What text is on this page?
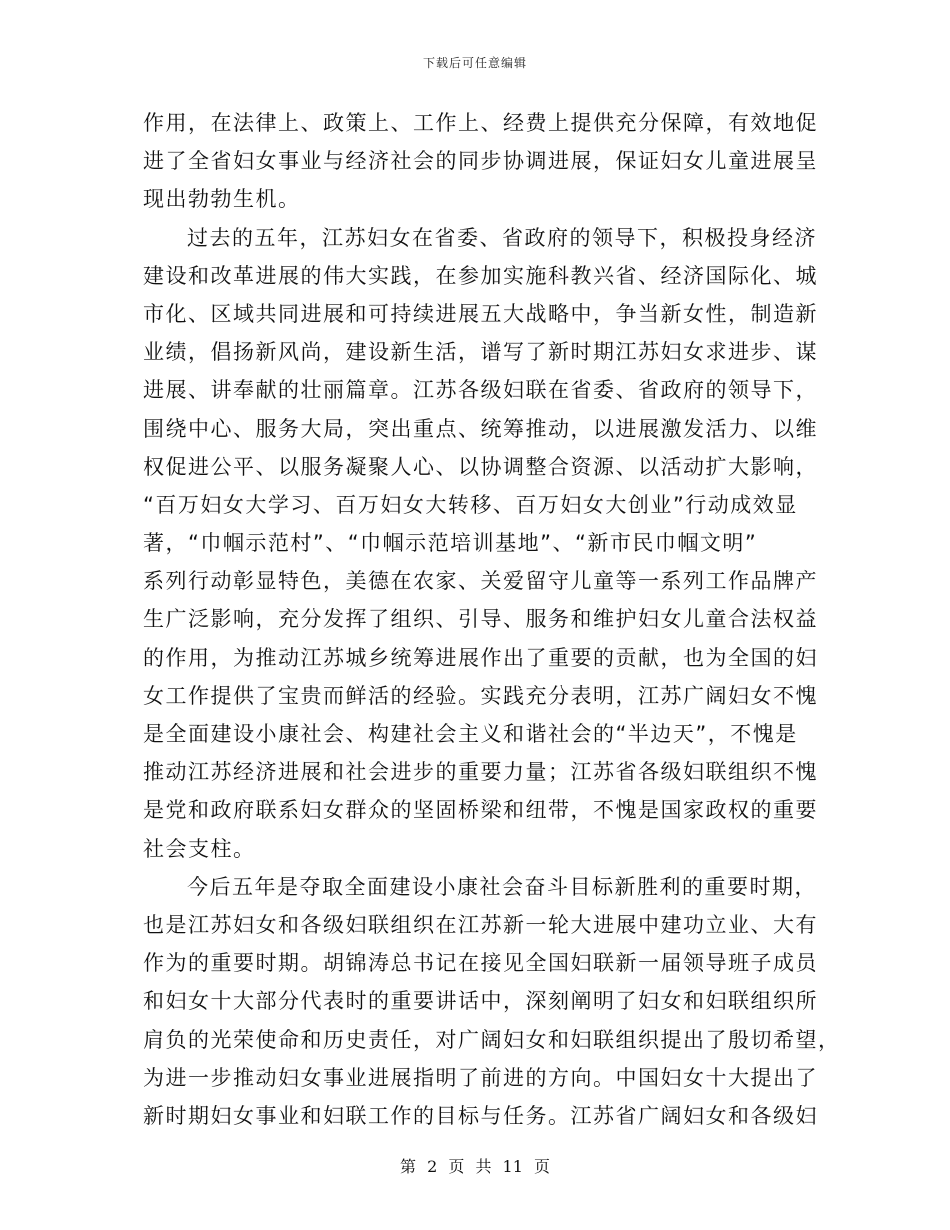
下载后可任意编辑
作用，在法律上、政策上、工作上、经费上提供充分保障，有效地促
进了全省妇女事业与经济社会的同步协调进展，保证妇女儿童进展呈
现出勃勃生机。
过去的五年，江苏妇女在省委、省政府的领导下，积极投身经济
建设和改革进展的伟大实践，在参加实施科教兴省、经济国际化、城
市化、区域共同进展和可持续进展五大战略中，争当新女性，制造新
业绩，倡扬新风尚，建设新生活，谱写了新时期江苏妇女求进步、谋
进展、讲奉献的壮丽篇章。江苏各级妇联在省委、省政府的领导下，
围绕中心、服务大局，突出重点、统筹推动，以进展激发活力、以维
权促进公平、以服务凝聚人心、以协调整合资源、以活动扩大影响，
“百万妇女大学习、百万妇女大转移、百万妇女大创业”行动成效显
著，“巾帼示范村”、“巾帼示范培训基地”、“新市民巾帼文明”
系列行动彰显特色，美德在农家、关爱留守儿童等一系列工作品牌产
生广泛影响，充分发挥了组织、引导、服务和维护妇女儿童合法权益
的作用，为推动江苏城乡统筹进展作出了重要的贡献，也为全国的妇
女工作提供了宝贵而鲜活的经验。实践充分表明，江苏广阔妇女不愧
是全面建设小康社会、构建社会主义和谐社会的“半边天”，不愧是
推动江苏经济进展和社会进步的重要力量；江苏省各级妇联组织不愧
是党和政府联系妇女群众的坚固桥梁和纽带，不愧是国家政权的重要
社会支柱。
今后五年是夺取全面建设小康社会奋斗目标新胜利的重要时期，
也是江苏妇女和各级妇联组织在江苏新一轮大进展中建功立业、大有
作为的重要时期。胡锦涛总书记在接见全国妇联新一届领导班子成员
和妇女十大部分代表时的重要讲话中，深刻阐明了妇女和妇联组织所
肩负的光荣使命和历史责任，对广阔妇女和妇联组织提出了殷切希望，
为进一步推动妇女事业进展指明了前进的方向。中国妇女十大提出了
新时期妇女事业和妇联工作的目标与任务。江苏省广阔妇女和各级妇
第 2 页 共 11 页
